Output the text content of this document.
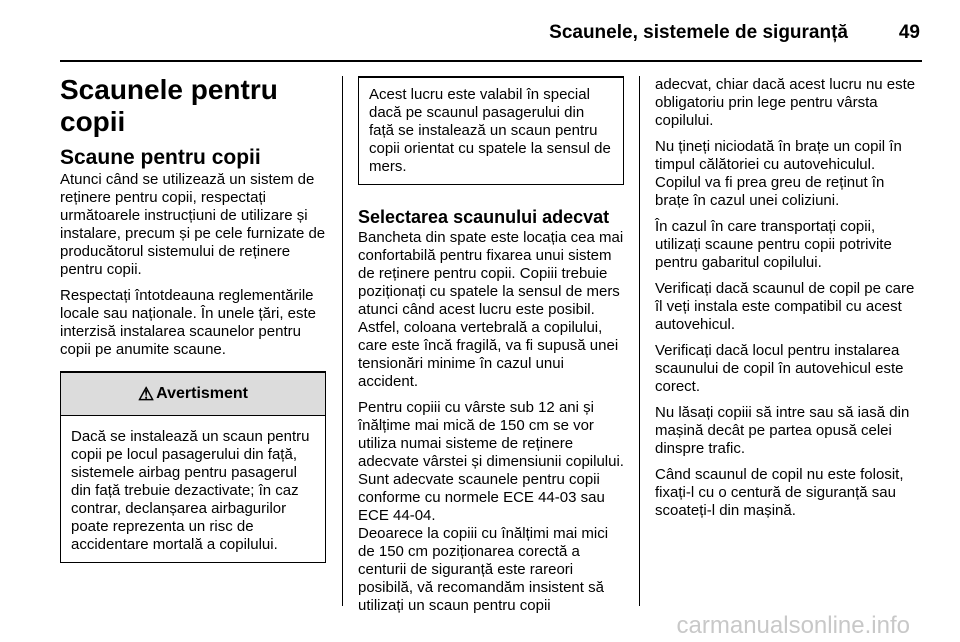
Scaunele, sistemele de siguranță	49
Scaunele pentru copii
Scaune pentru copii

Atunci când se utilizează un sistem de reținere pentru copii, respectați următoarele instrucțiuni de utilizare și instalare, precum și pe cele furnizate de producătorul sistemului de reținere pentru copii.

Respectați întotdeauna reglementările locale sau naționale. În unele țări, este interzisă instalarea scaunelor pentru copii pe anumite scaune.

⚠ Avertisment
Dacă se instalează un scaun pentru copii pe locul pasagerului din față, sistemele airbag pentru pasagerul din față trebuie dezactivate; în caz contrar, declanșarea airbagurilor poate reprezenta un risc de accidentare mortală a copilului.
Acest lucru este valabil în special dacă pe scaunul pasagerului din față se instalează un scaun pentru copii orientat cu spatele la sensul de mers.
Selectarea scaunului adecvat

Bancheta din spate este locația cea mai confortabilă pentru fixarea unui sistem de reținere pentru copii. Copiii trebuie poziționați cu spatele la sensul de mers atunci când acest lucru este posibil. Astfel, coloana vertebrală a copilului, care este încă fragilă, va fi supusă unei tensionări minime în cazul unui accident.

Pentru copiii cu vârste sub 12 ani și înălțime mai mică de 150 cm se vor utiliza numai sisteme de reținere adecvate vârstei și dimensiunii copilului. Sunt adecvate scaunele pentru copii conforme cu normele ECE 44-03 sau ECE 44-04.

Deoarece la copiii cu înălțimi mai mici de 150 cm poziționarea corectă a centurii de siguranță este rareori posibilă, vă recomandăm insistent să utilizați un scaun pentru copii

adecvat, chiar dacă acest lucru nu este obligatoriu prin lege pentru vârsta copilului.

Nu țineți niciodată în brațe un copil în timpul călătoriei cu autovehiculul. Copilul va fi prea greu de reținut în brațe în cazul unei coliziuni.

În cazul în care transportați copii, utilizați scaune pentru copii potrivite pentru gabaritul copilului.

Verificați dacă scaunul de copil pe care îl veți instala este compatibil cu acest autovehicul.

Verificați dacă locul pentru instalarea scaunului de copil în autovehicul este corect.

Nu lăsați copiii să intre sau să iasă din mașină decât pe partea opusă celei dinspre trafic.

Când scaunul de copil nu este folosit, fixați-l cu o centură de siguranță sau scoateți-l din mașină.

carmanualsonline.info
